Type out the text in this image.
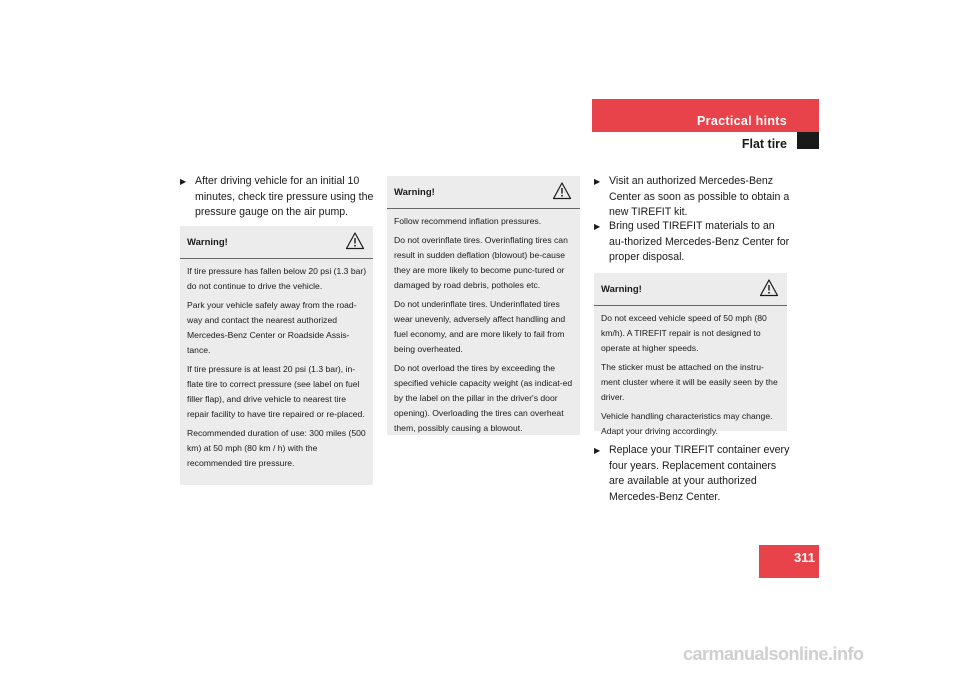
Practical hints
Flat tire
▶ After driving vehicle for an initial 10 minutes, check tire pressure using the pressure gauge on the air pump.
Warning!

If tire pressure has fallen below 20 psi (1.3 bar) do not continue to drive the vehicle.

Park your vehicle safely away from the road-way and contact the nearest authorized Mercedes-Benz Center or Roadside Assis-tance.

If tire pressure is at least 20 psi (1.3 bar), in-flate tire to correct pressure (see label on fuel filler flap), and drive vehicle to nearest tire repair facility to have tire repaired or re-placed.

Recommended duration of use: 300 miles (500 km) at 50 mph (80 km / h) with the recommended tire pressure.

Warning!

Follow recommend inflation pressures.

Do not overinflate tires. Overinflating tires can result in sudden deflation (blowout) be-cause they are more likely to become punc-tured or damaged by road debris, potholes etc.

Do not underinflate tires. Underinflated tires wear unevenly, adversely affect handling and fuel economy, and are more likely to fail from being overheated.

Do not overload the tires by exceeding the specified vehicle capacity weight (as indicat-ed by the label on the pillar in the driver's door opening). Overloading the tires can overheat them, possibly causing a blowout.

▶ Visit an authorized Mercedes-Benz Center as soon as possible to obtain a new TIREFIT kit.
▶ Bring used TIREFIT materials to an au-thorized Mercedes-Benz Center for proper disposal.
Warning!

Do not exceed vehicle speed of 50 mph (80 km/h). A TIREFIT repair is not designed to operate at higher speeds.

The sticker must be attached on the instru-ment cluster where it will be easily seen by the driver.

Vehicle handling characteristics may change. Adapt your driving accordingly.

▶ Replace your TIREFIT container every four years. Replacement containers are available at your authorized Mercedes-Benz Center.
311
carmanualsonline.info
